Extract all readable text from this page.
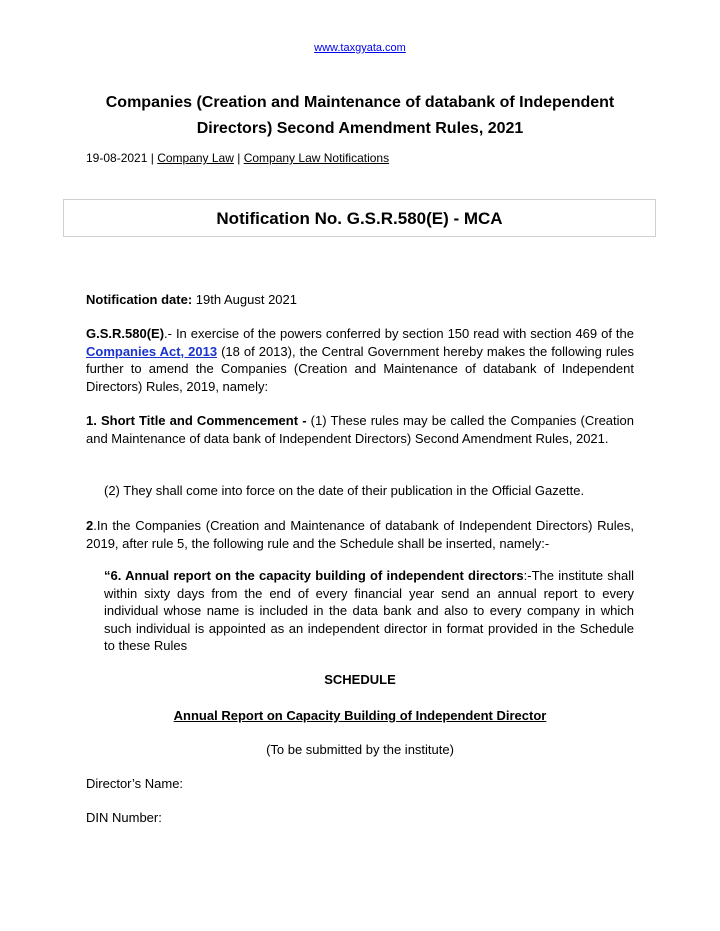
www.taxgyata.com
Companies (Creation and Maintenance of databank of Independent Directors) Second Amendment Rules, 2021
19-08-2021 | Company Law | Company Law Notifications
Notification No. G.S.R.580(E) - MCA
Notification date: 19th August 2021
G.S.R.580(E).- In exercise of the powers conferred by section 150 read with section 469 of the Companies Act, 2013 (18 of 2013), the Central Government hereby makes the following rules further to amend the Companies (Creation and Maintenance of databank of Independent Directors) Rules, 2019, namely:
1. Short Title and Commencement - (1) These rules may be called the Companies (Creation and Maintenance of data bank of Independent Directors) Second Amendment Rules, 2021.
(2) They shall come into force on the date of their publication in the Official Gazette.
2.In the Companies (Creation and Maintenance of databank of Independent Directors) Rules, 2019, after rule 5, the following rule and the Schedule shall be inserted, namely:-
“6. Annual report on the capacity building of independent directors:-The institute shall within sixty days from the end of every financial year send an annual report to every individual whose name is included in the data bank and also to every company in which such individual is appointed as an independent director in format provided in the Schedule to these Rules
SCHEDULE
Annual Report on Capacity Building of Independent Director
(To be submitted by the institute)
Director’s Name:
DIN Number:
